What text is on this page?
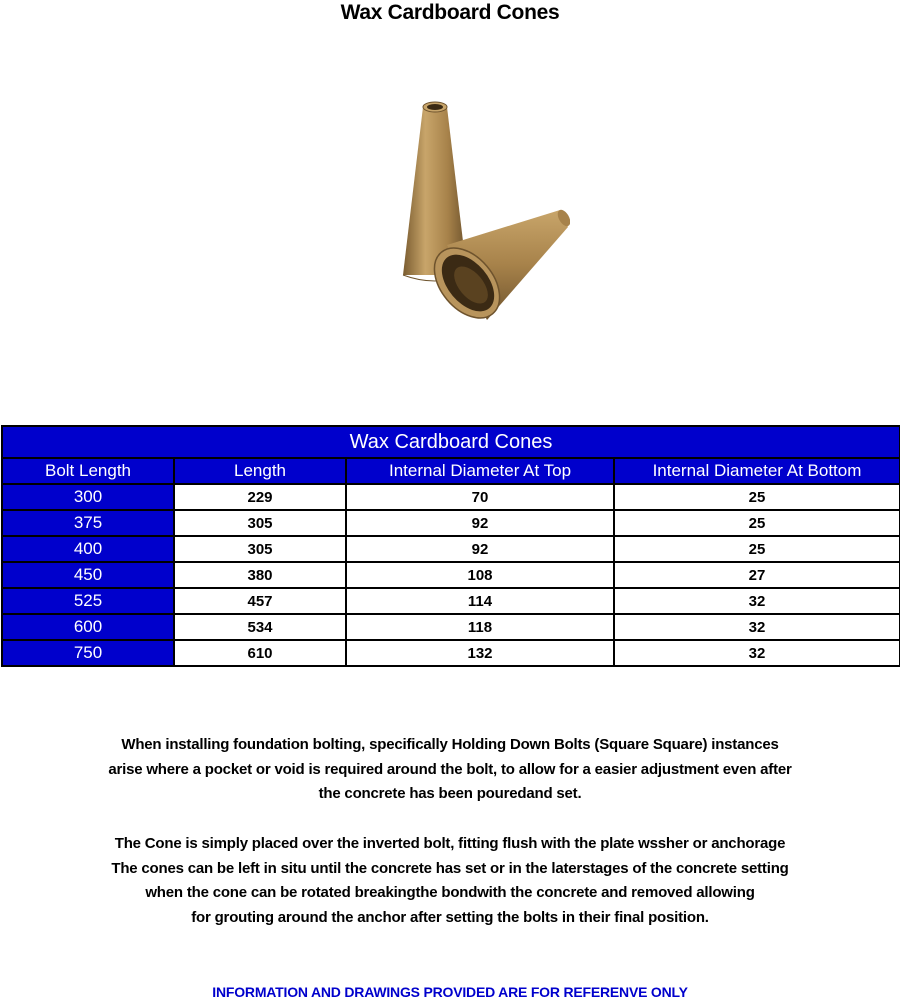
Wax Cardboard Cones
Wax Cardboard Cones			
Bolt Length	Length	Internal Diameter At Top	Internal Diameter At Bottom
300	229	70	25
375	305	92	25
400	305	92	25
450	380	108	27
525	457	114	32
600	534	118	32
750	610	132	32
When installing foundation bolting, specifically Holding Down Bolts (Square Square) instances
arise where a pocket or void is required around the bolt, to allow for a easier adjustment even after
the concrete has been pouredand set.
The Cone is simply placed over the inverted bolt, fitting flush with the plate wssher or anchorage
The cones can be left in situ until the concrete has set or in the laterstages of the concrete setting
when the cone can be rotated breakingthe bondwith the concrete and removed allowing
for grouting around the anchor after setting the bolts in their final position.
INFORMATION AND DRAWINGS PROVIDED ARE FOR REFERENVE ONLY
